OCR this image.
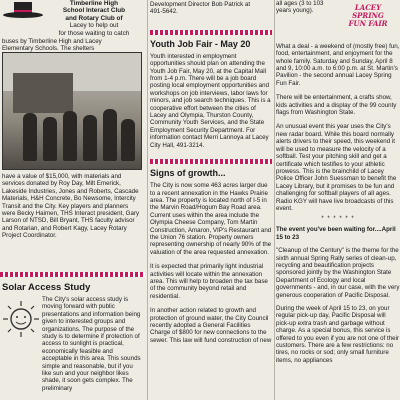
Timberline High
School Interact Club
and Rotary Club of
Lacey to help out
for those waiting to catch
buses by Timberline High and Lacey
Elementary Schools. The shelters
have a value of $15,000, with materials and services donated by Roy Day, Milt Emerick, Lakeside Industries, Jones and Roberts, Cascade Materials, H&H Concrete, Bo Newsome, Intercity Transit and the City. Key players and planners were Becky Haimen, THS Interact president, Gary Larson of NTSD, Bill Bryant, THS faculty advisor and Rotarian, and Robert Kagy, Lacey Rotary Project Coordinator.
Solar Access Study
The City's solar access study is moving forward with public presentations and information being given to interested groups and organizations. The purpose of the study is to determine if protection of access to sunlight is practical, economically feasible and acceptable in this area. This sounds simple and reasonable, but if you like sun and your neighbor likes shade, it soon gets complex. The preliminary
Development Director Bob Patrick at
491-5642.
Youth Job Fair - May 20
Youth interested in employment opportunities should plan on attending the Youth Job Fair, May 20, at the Capital Mall from 1-4 p.m. There will be a job board posting local employment opportunities and workshops on job interviews, labor laws for minors, and job search techniques. This is a cooperative effort between the cities of Lacey and Olympia, Thurston County, Community Youth Services, and the State Employment Security Department. For information contact Merri Lannoya at Lacey City Hall, 491-3214.
Signs of growth...
The City is now some 463 acres larger due to a recent annexation in the Hawks Prairie area. The property is located north of I-5 in the Marvin Road/Hogum Bay Road area. Current uses within the area include the Olympia Cheese Company, Tom Martin Construction, Amaron, VIP's Restaurant and the Union 76 station. Property owners representing ownership of nearly 90% of the valuation of the area requested annexation.
It is expected that primarily light industrial activities will locate within the annexation area. This will help to broaden the tax base of the community beyond retail and residential.
In another action related to growth and protection of ground water, the City Council recently adopted a General Facilities Charge of $800 for new connections to the sewer. This law will fund construction of new
all ages (3 to 103 years young).	LACEY
SPRING
FUN FAIR
What a deal - a weekend of (mostly free) fun, food, entertainment, and enjoyment for the whole family. Saturday and Sunday, April 8 and 9, 10:00 a.m. to 6:00 p.m. at St. Martin's Pavilion - the second annual Lacey Spring Fun Fair.
There will be entertainment, a crafts show, kids activities and a display of the 99 county flags from Washington State.
An unusual event this year uses the City's new radar board. While this board normally alerts drivers to their speed, this weekend it will be used to measure the velocity of a softball. Test your pitching skill and get a certificate which testifies to your athletic prowess. This is the brainchild of Lacey Police Officer John Suessman to benefit the Lacey Library, but it promises to be fun and challenging for softball players of all ages. Radio KGY will have live broadcasts of this event.
* * * * * *
The event you've been waiting for....April 15 to 23
"Cleanup of the Century" is the theme for the sixth annual Spring Rally series of clean-up, recycling and beautification projects sponsored jointly by the Washington State Department of Ecology and local governments - and, in our case, with the very generous cooperation of Pacific Disposal.
During the week of April 15 to 23, on your regular pick-up day, Pacific Disposal will pick-up extra trash and garbage without charge. As a special bonus, this service is offered to you even if you are not one of their customers. There are a few restrictions: no tires, no rocks or sod; only small furniture items, no appliances
